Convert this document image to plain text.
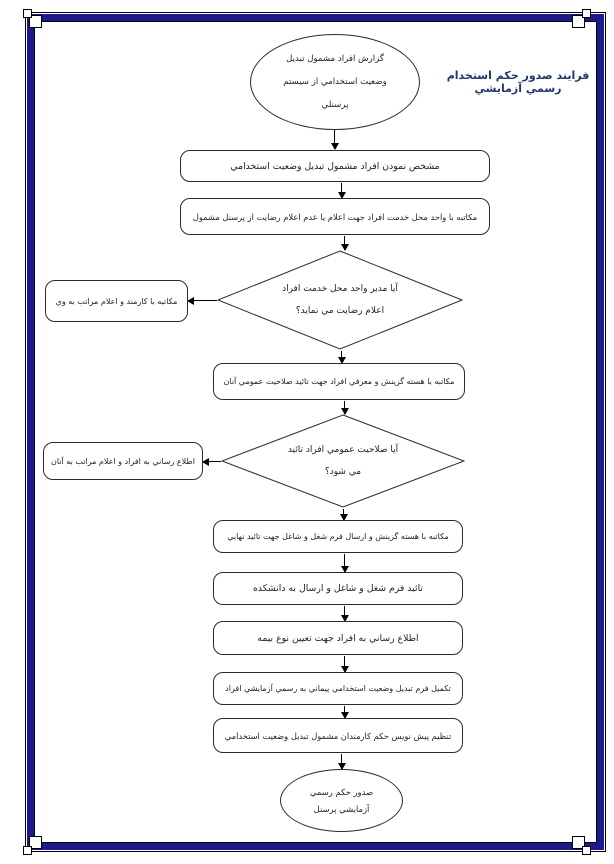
فرايند صدور حكم استخدام رسمي آزمايشي
گزارش افراد مشمول تبديل
وضعيت استخدامي از سيستم
پرسنلي
مشخص نمودن افراد مشمول تبديل وضعيت استخدامي
مكاتبه با واحد محل خدمت افراد جهت اعلام يا عدم اعلام رضايت از پرسنل مشمول
آيا مدير واحد محل خدمت افراد
اعلام رضايت مي نمايد؟
مكاتبه با كارمند و اعلام مراتب به وي
مكاتبه با هسته گزينش و معرفي افراد جهت تائيد صلاحيت عمومي آنان
آيا صلاحيت عمومي افراد تائيد
مي شود؟
اطلاع رساني به افراد و اعلام مراتب به آنان
مكاتبه با هسته گزينش و ارسال فرم شغل و شاغل جهت تائيد نهايي
تائيد فرم شغل و شاغل و ارسال به دانشكده
اطلاع رساني به افراد جهت تعيين نوع بيمه
تكميل فرم تبديل وضعيت استخدامي پيماني به رسمي آزمايشي افراد
تنظيم پيش نويس حكم كارمندان مشمول تبديل وضعيت استخدامي
صدور حكم رسمي
آزمايشي پرسنل
